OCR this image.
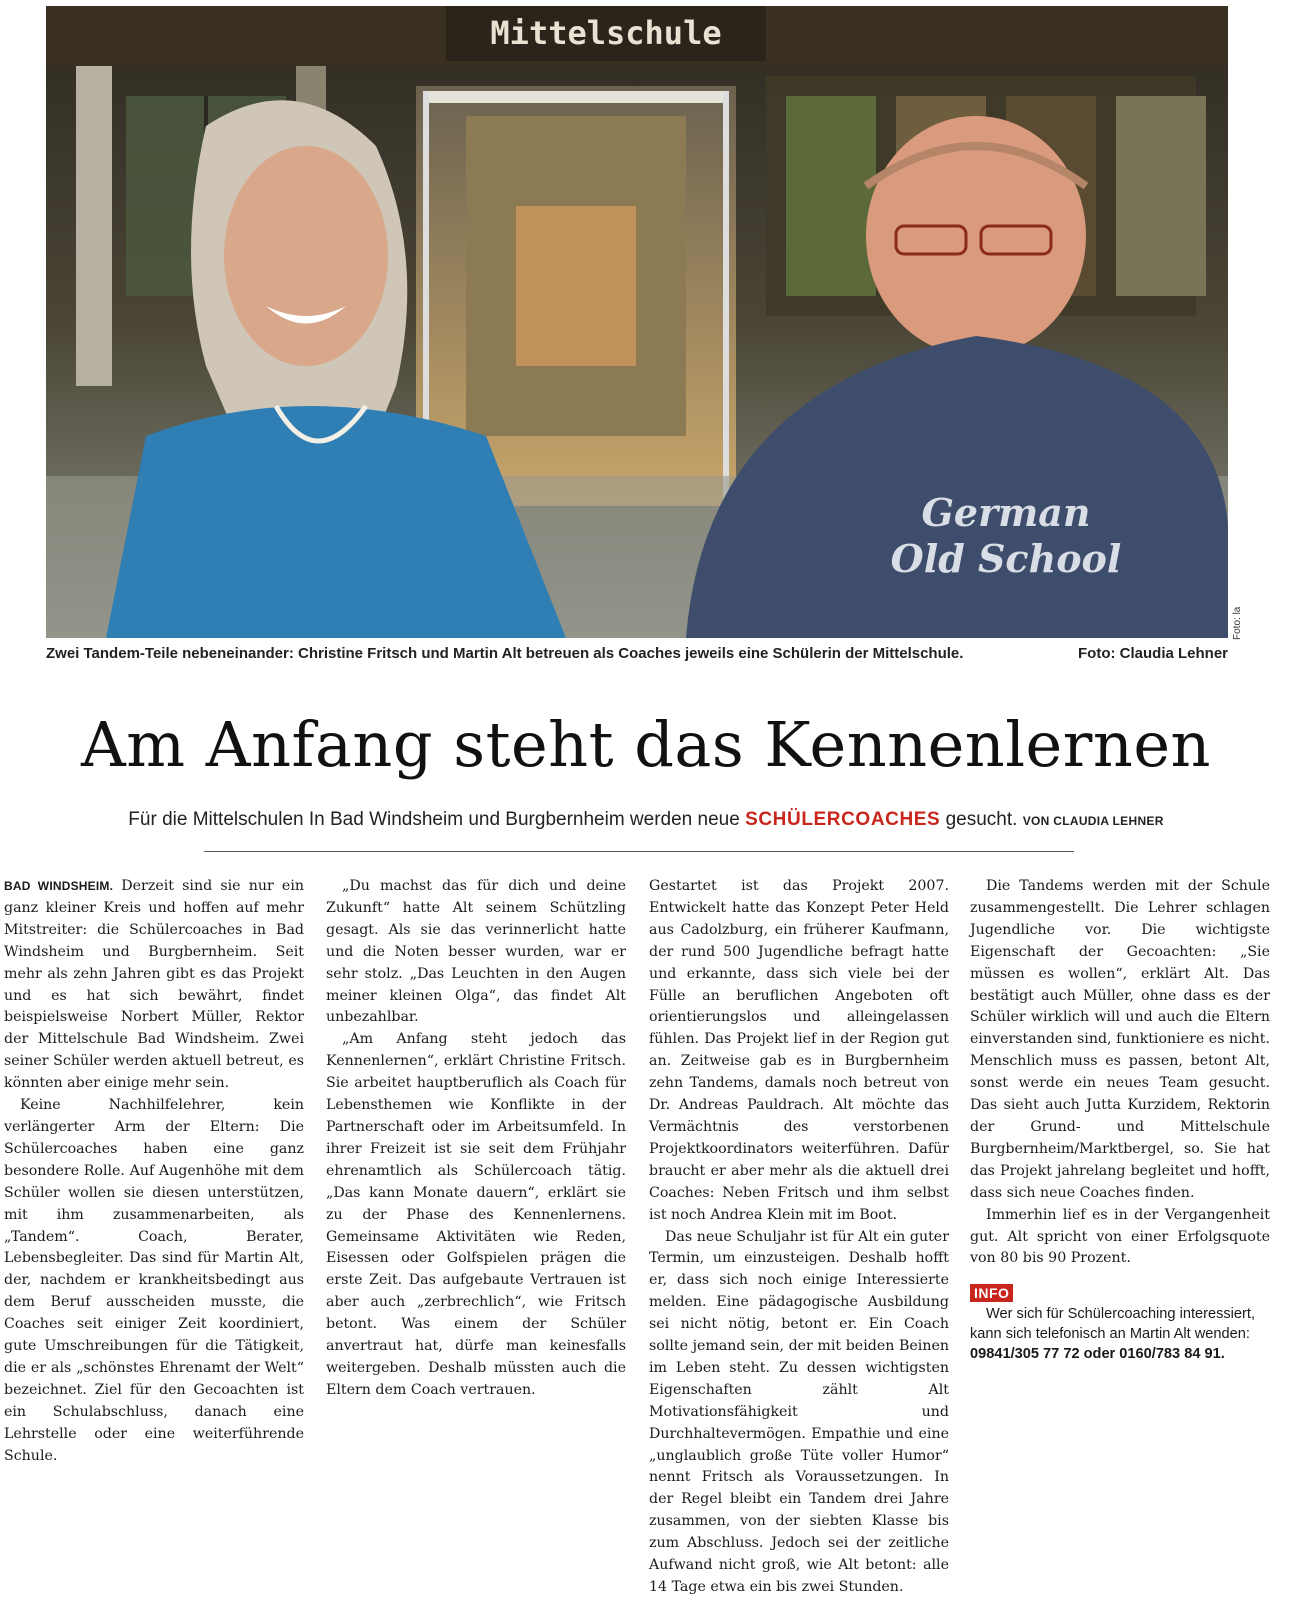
Mittelschule
German
Old School
Foto: la
Zwei Tandem-Teile nebeneinander: Christine Fritsch und Martin Alt betreuen als Coaches jeweils eine Schülerin der Mittelschule.	Foto: Claudia Lehner
Am Anfang steht das Kennenlernen
Für die Mittelschulen In Bad Windsheim und Burgbernheim werden neue SCHÜLERCOACHES gesucht. VON CLAUDIA LEHNER

BAD WINDSHEIM. Derzeit sind sie nur ein ganz kleiner Kreis und hoffen auf mehr Mitstreiter: die Schülercoaches in Bad Windsheim und Burgbernheim. Seit mehr als zehn Jahren gibt es das Projekt und es hat sich bewährt, findet beispielsweise Norbert Müller, Rektor der Mittelschule Bad Windsheim. Zwei seiner Schüler werden aktuell betreut, es könnten aber einige mehr sein.

Keine Nachhilfelehrer, kein verlängerter Arm der Eltern: Die Schülercoaches haben eine ganz besondere Rolle. Auf Augenhöhe mit dem Schüler wollen sie diesen unterstützen, mit ihm zusammenarbeiten, als „Tandem“. Coach, Berater, Lebensbegleiter. Das sind für Martin Alt, der, nachdem er krankheitsbedingt aus dem Beruf ausscheiden musste, die Coaches seit einiger Zeit koordiniert, gute Umschreibungen für die Tätigkeit, die er als „schönstes Ehrenamt der Welt“ bezeichnet. Ziel für den Gecoachten ist ein Schulabschluss, danach eine Lehrstelle oder eine weiterführende Schule.

„Du machst das für dich und deine Zukunft“ hatte Alt seinem Schützling gesagt. Als sie das verinnerlicht hatte und die Noten besser wurden, war er sehr stolz. „Das Leuchten in den Augen meiner kleinen Olga“, das findet Alt unbezahlbar.

„Am Anfang steht jedoch das Kennenlernen“, erklärt Christine Fritsch. Sie arbeitet hauptberuflich als Coach für Lebensthemen wie Konflikte in der Partnerschaft oder im Arbeitsumfeld. In ihrer Freizeit ist sie seit dem Frühjahr ehrenamtlich als Schülercoach tätig. „Das kann Monate dauern“, erklärt sie zu der Phase des Kennenlernens. Gemeinsame Aktivitäten wie Reden, Eisessen oder Golfspielen prägen die erste Zeit. Das aufgebaute Vertrauen ist aber auch „zerbrechlich“, wie Fritsch betont. Was einem der Schüler anvertraut hat, dürfe man keinesfalls weitergeben. Deshalb müssten auch die Eltern dem Coach vertrauen.

Gestartet ist das Projekt 2007. Entwickelt hatte das Konzept Peter Held aus Cadolzburg, ein früherer Kaufmann, der rund 500 Jugendliche befragt hatte und erkannte, dass sich viele bei der Fülle an beruflichen Angeboten oft orientierungslos und alleingelassen fühlen. Das Projekt lief in der Region gut an. Zeitweise gab es in Burgbernheim zehn Tandems, damals noch betreut von Dr. Andreas Pauldrach. Alt möchte das Vermächtnis des verstorbenen Projektkoordinators weiterführen. Dafür braucht er aber mehr als die aktuell drei Coaches: Neben Fritsch und ihm selbst ist noch Andrea Klein mit im Boot.

Das neue Schuljahr ist für Alt ein guter Termin, um einzusteigen. Deshalb hofft er, dass sich noch einige Interessierte melden. Eine pädagogische Ausbildung sei nicht nötig, betont er. Ein Coach sollte jemand sein, der mit beiden Beinen im Leben steht. Zu dessen wichtigsten Eigenschaften zählt Alt Motivationsfähigkeit und Durchhaltevermögen. Empathie und eine „unglaublich große Tüte voller Humor“ nennt Fritsch als Voraussetzungen. In der Regel bleibt ein Tandem drei Jahre zusammen, von der siebten Klasse bis zum Abschluss. Jedoch sei der zeitliche Aufwand nicht groß, wie Alt betont: alle 14 Tage etwa ein bis zwei Stunden.

Die Tandems werden mit der Schule zusammengestellt. Die Lehrer schlagen Jugendliche vor. Die wichtigste Eigenschaft der Gecoachten: „Sie müssen es wollen“, erklärt Alt. Das bestätigt auch Müller, ohne dass es der Schüler wirklich will und auch die Eltern einverstanden sind, funktioniere es nicht. Menschlich muss es passen, betont Alt, sonst werde ein neues Team gesucht. Das sieht auch Jutta Kurzidem, Rektorin der Grund- und Mittelschule Burgbernheim/Marktbergel, so. Sie hat das Projekt jahrelang begleitet und hofft, dass sich neue Coaches finden.

Immerhin lief es in der Vergangenheit gut. Alt spricht von einer Erfolgsquote von 80 bis 90 Prozent.

INFO

Wer sich für Schülercoaching interessiert, kann sich telefonisch an Martin Alt wenden: 09841/305 77 72 oder 0160/783 84 91.
